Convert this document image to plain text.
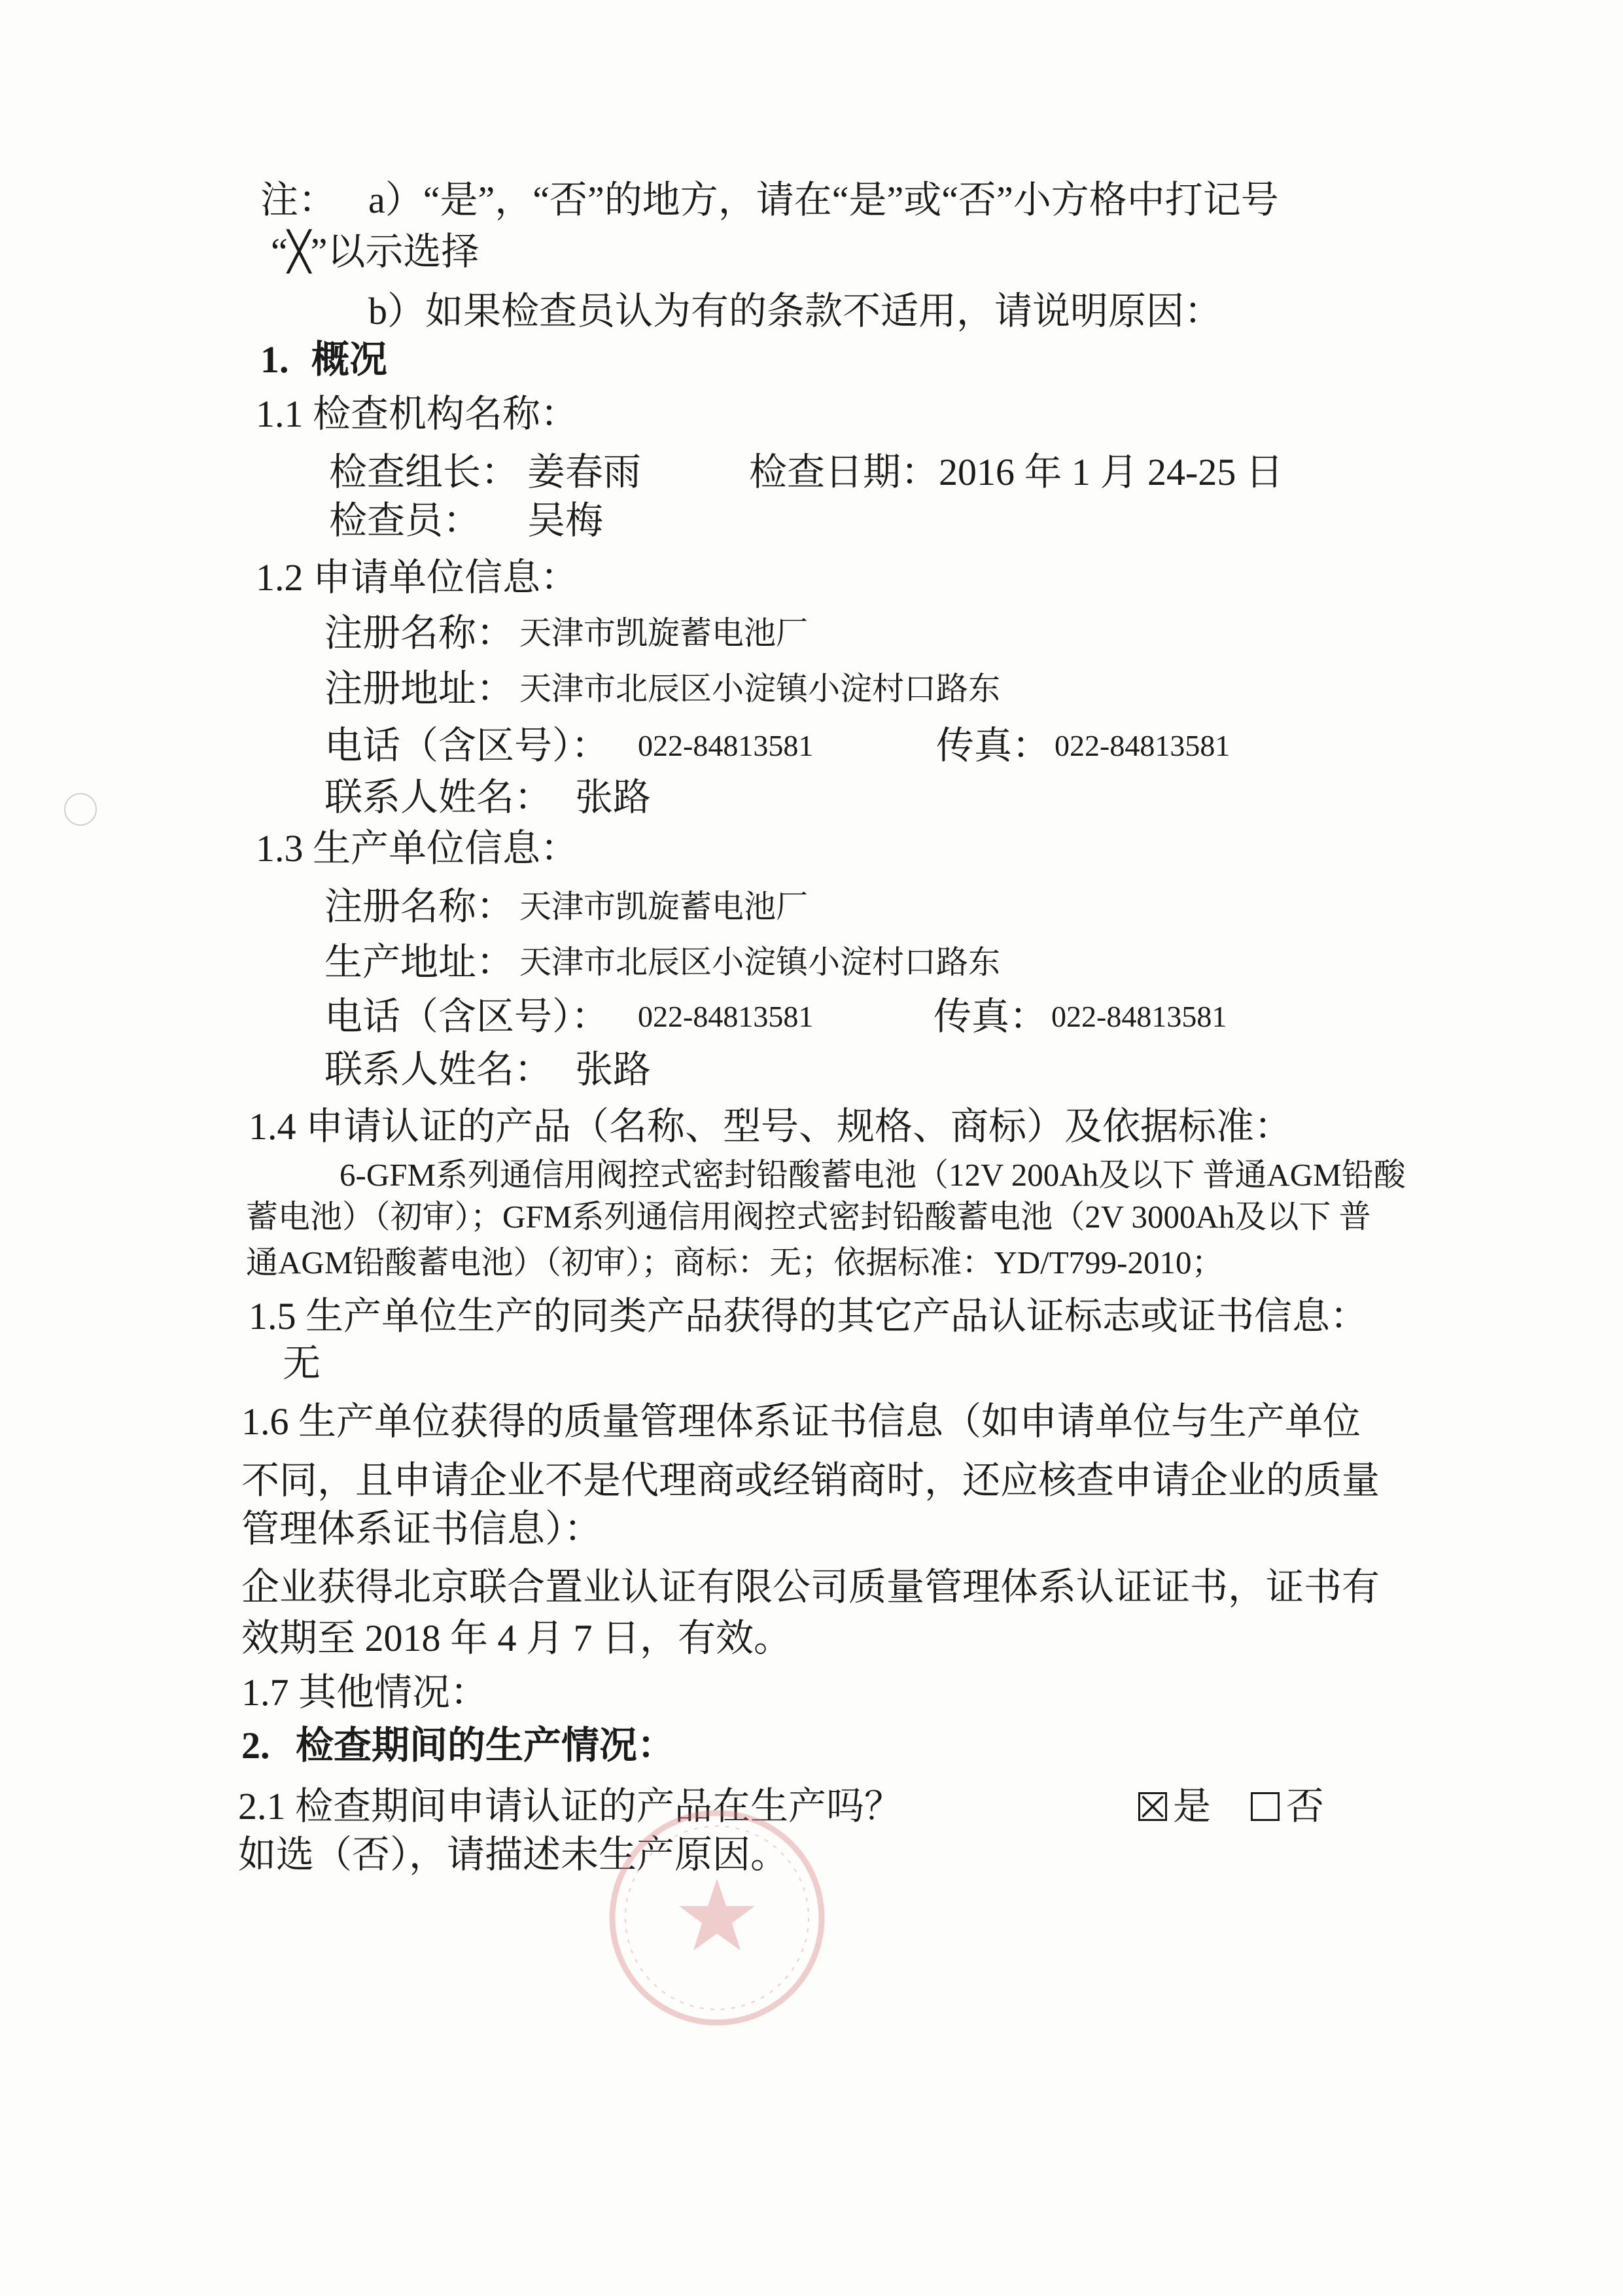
注： a）“是”，“否”的地方，请在“是”或“否”小方格中打记号
“╳”以示选择
b）如果检查员认为有的条款不适用，请说明原因：
1. 概况
1.1 检查机构名称：
检查组长： 姜春雨	检查日期：2016 年 1 月 24-25 日
检查员： 吴梅
1.2 申请单位信息：
注册名称： 天津市凯旋蓄电池厂
注册地址： 天津市北辰区小淀镇小淀村口路东
电话（含区号）： 022-84813581	传真： 022-84813581
联系人姓名： 张路
1.3 生产单位信息：
注册名称： 天津市凯旋蓄电池厂
生产地址： 天津市北辰区小淀镇小淀村口路东
电话（含区号）： 022-84813581	传真： 022-84813581
联系人姓名： 张路
1.4 申请认证的产品（名称、型号、规格、商标）及依据标准：
6-GFM系列通信用阀控式密封铅酸蓄电池（12V 200Ah及以下 普通AGM铅酸
蓄电池）（初审）；GFM系列通信用阀控式密封铅酸蓄电池（2V 3000Ah及以下 普
通AGM铅酸蓄电池）（初审）；商标：无；依据标准：YD/T799-2010；
1.5 生产单位生产的同类产品获得的其它产品认证标志或证书信息：
无
1.6 生产单位获得的质量管理体系证书信息（如申请单位与生产单位
不同，且申请企业不是代理商或经销商时，还应核查申请企业的质量
管理体系证书信息）：
企业获得北京联合置业认证有限公司质量管理体系认证证书，证书有
效期至 2018 年 4 月 7 日，有效。
1.7 其他情况：
2. 检查期间的生产情况：
2.1 检查期间申请认证的产品在生产吗？	是 否
如选（否），请描述未生产原因。
